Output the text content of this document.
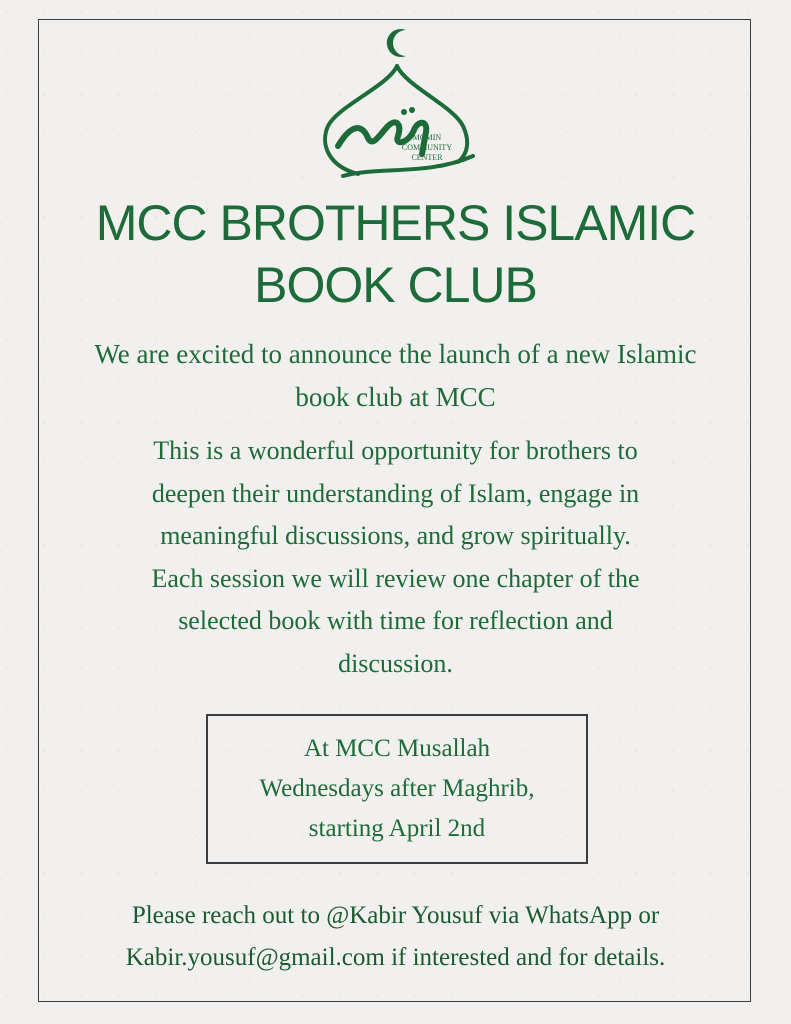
MOMIN
COMMUNITY
CENTER
MCC BROTHERS ISLAMIC
BOOK CLUB
We are excited to announce the launch of a new Islamic
book club at MCC
This is a wonderful opportunity for brothers to
deepen their understanding of Islam, engage in
meaningful discussions, and grow spiritually.
Each session we will review one chapter of the
selected book with time for reflection and
discussion.
At MCC Musallah
Wednesdays after Maghrib,
starting April 2nd
Please reach out to @Kabir Yousuf via WhatsApp or
Kabir.yousuf@gmail.com if interested and for details.
